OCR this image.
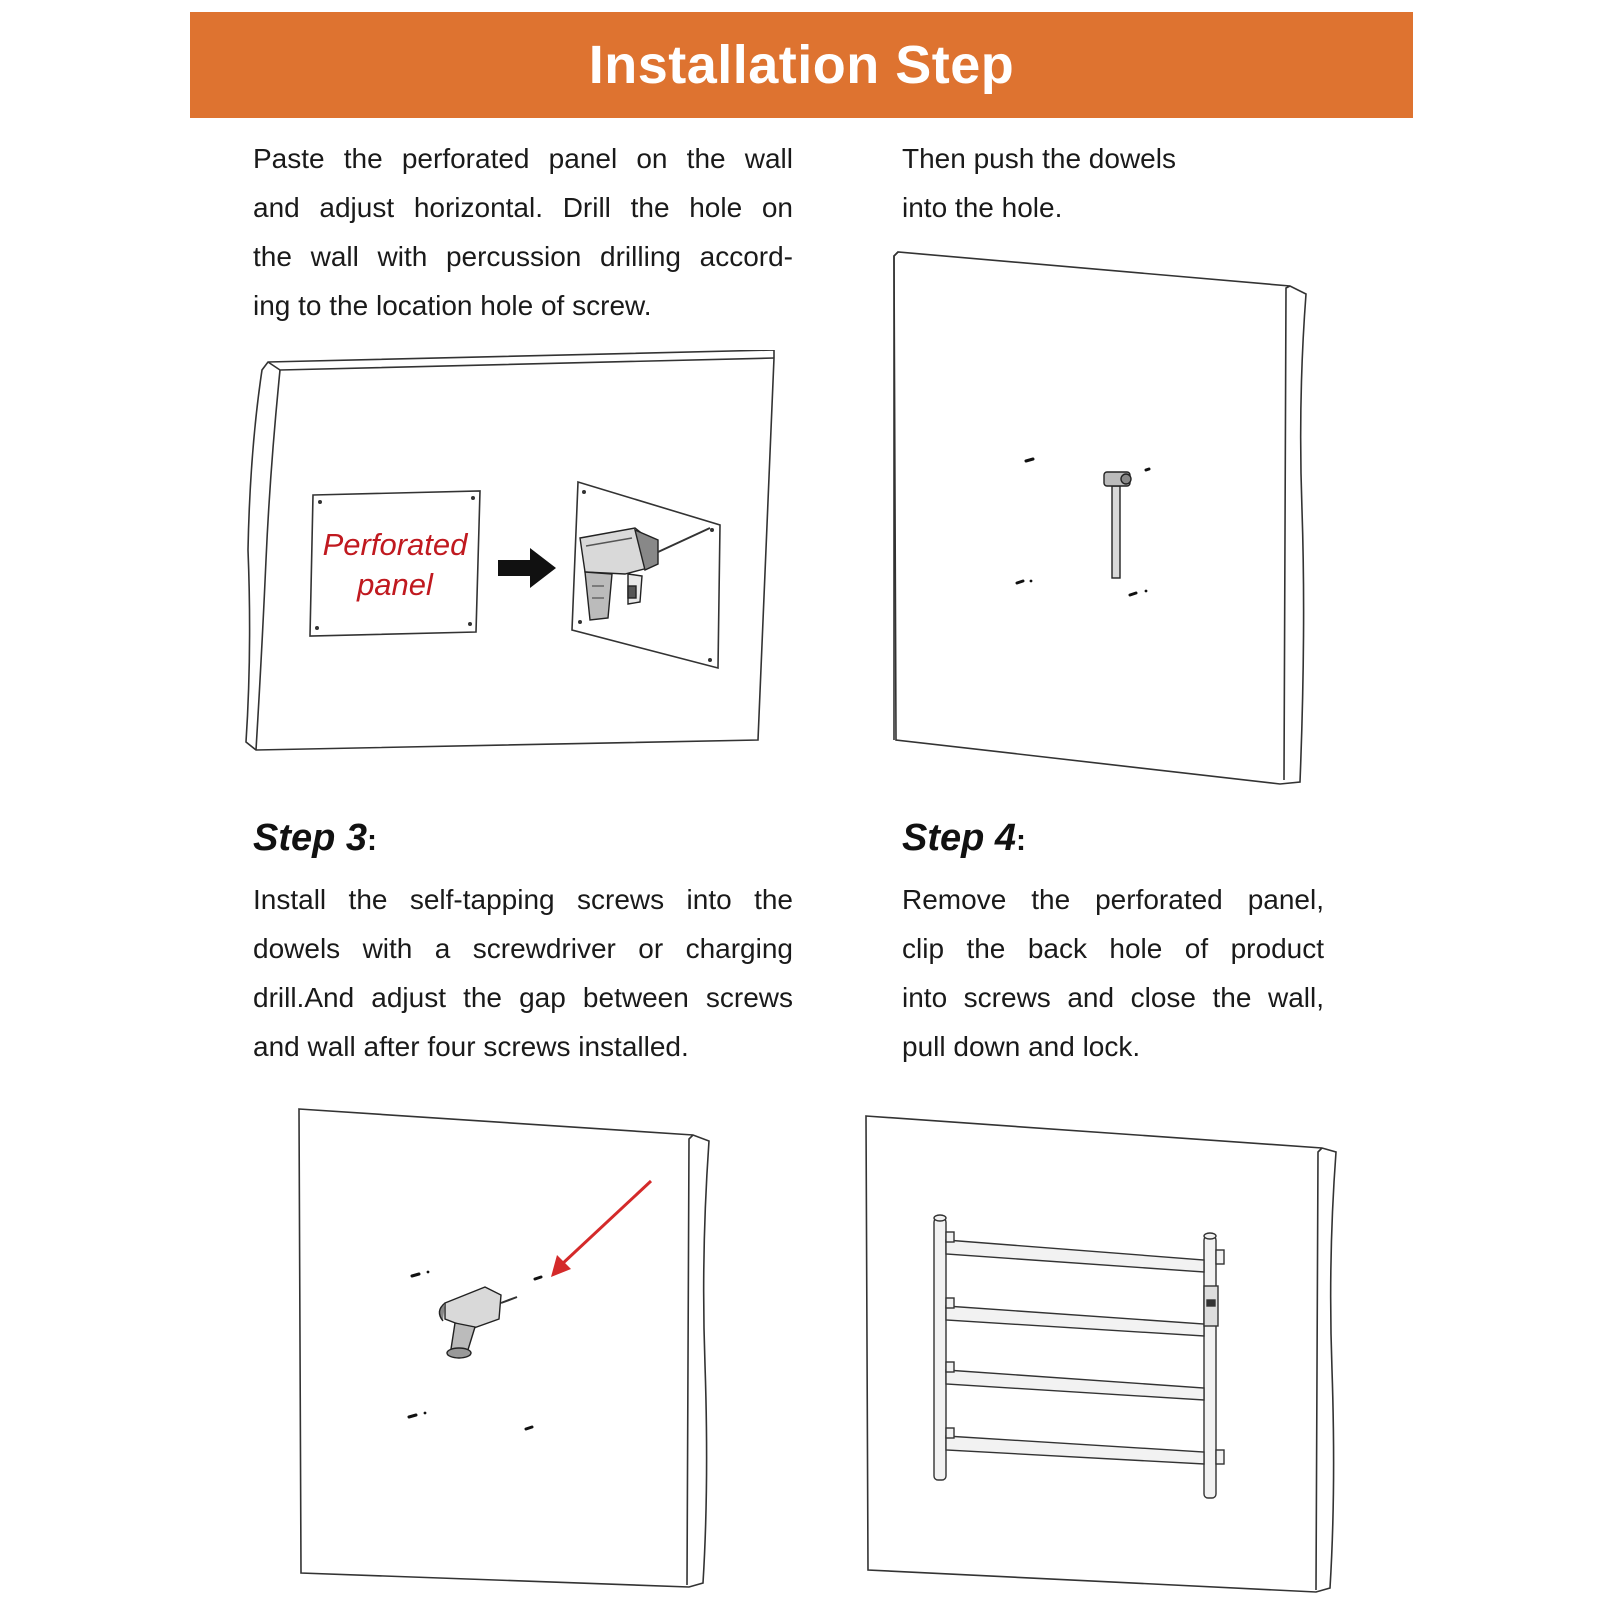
Installation Step
Paste the perforated panel on the wall
and adjust horizontal. Drill the hole on
the wall with percussion drilling accord-
ing to the location hole of screw.
Then push the dowels
into the hole.
Perforated
panel
Step 3:
Install the self-tapping screws into the
dowels with a screwdriver or charging
drill.And adjust the gap between screws
and wall after four screws installed.
Step 4:
Remove the perforated panel,
clip the back hole of product
into screws and close the wall,
pull down and lock.
